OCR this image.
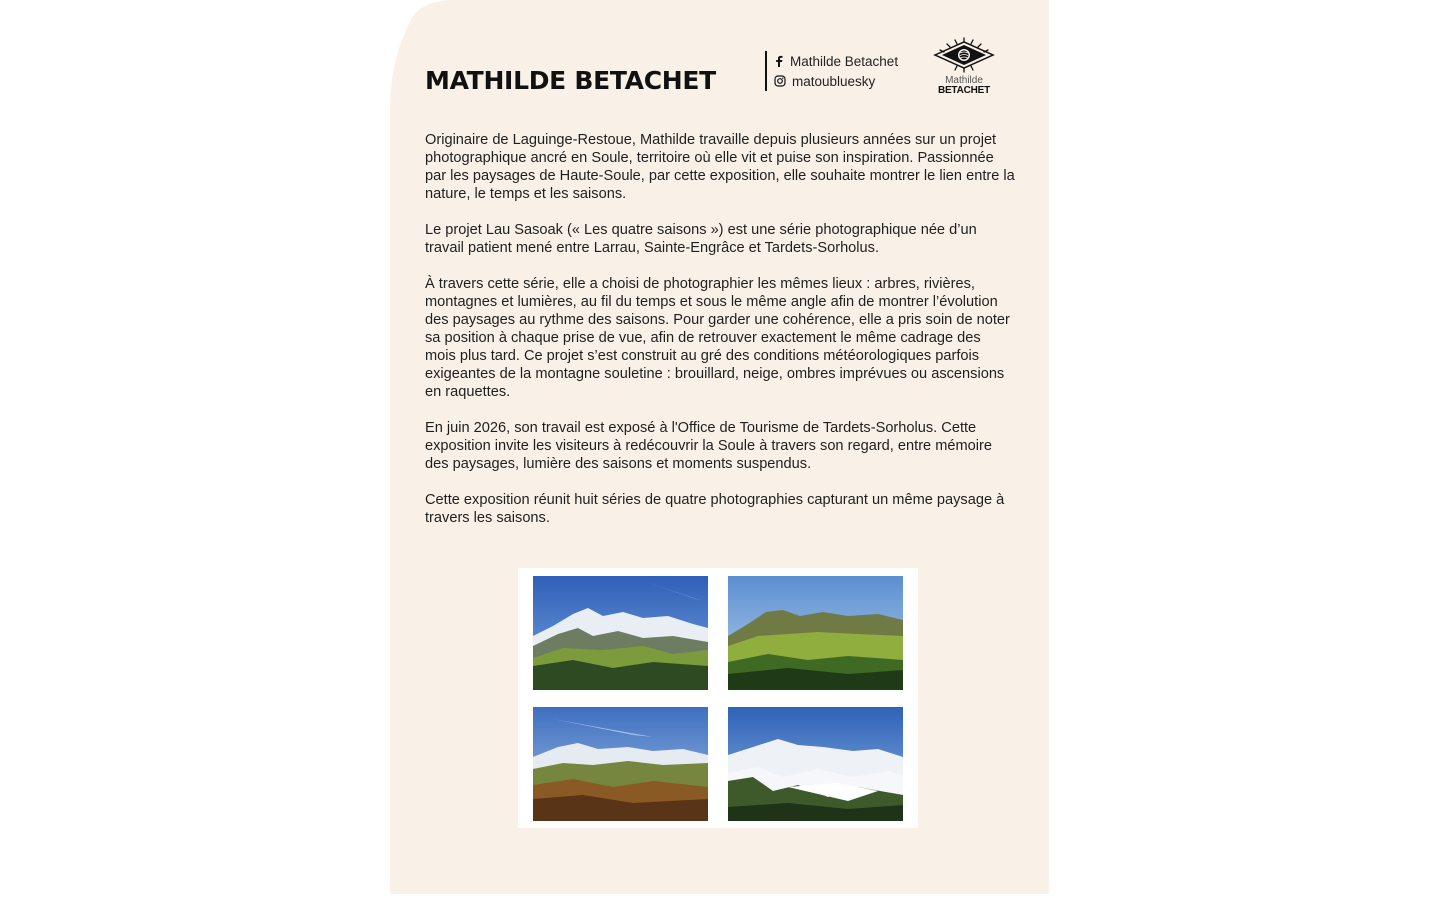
MATHILDE BETACHET
Mathilde Betachet
matoubluesky	Mathilde
BETACHET

Originaire de Laguinge-Restoue, Mathilde travaille depuis plusieurs années sur un projet photographique ancré en Soule, territoire où elle vit et puise son inspiration. Passionnée par les paysages de Haute-Soule, par cette exposition, elle souhaite montrer le lien entre la nature, le temps et les saisons.

Le projet Lau Sasoak (« Les quatre saisons ») est une série photographique née d’un travail patient mené entre Larrau, Sainte-Engrâce et Tardets-Sorholus.

À travers cette série, elle a choisi de photographier les mêmes lieux : arbres, rivières, montagnes et lumières, au fil du temps et sous le même angle afin de montrer l’évolution des paysages au rythme des saisons. Pour garder une cohérence, elle a pris soin de noter sa position à chaque prise de vue, afin de retrouver exactement le même cadrage des mois plus tard. Ce projet s’est construit au gré des conditions météorologiques parfois exigeantes de la montagne souletine : brouillard, neige, ombres imprévues ou ascensions en raquettes.

En juin 2026, son travail est exposé à l'Office de Tourisme de Tardets-Sorholus. Cette exposition invite les visiteurs à redécouvrir la Soule à travers son regard, entre mémoire des paysages, lumière des saisons et moments suspendus.

Cette exposition réunit huit séries de quatre photographies capturant un même paysage à travers les saisons.
